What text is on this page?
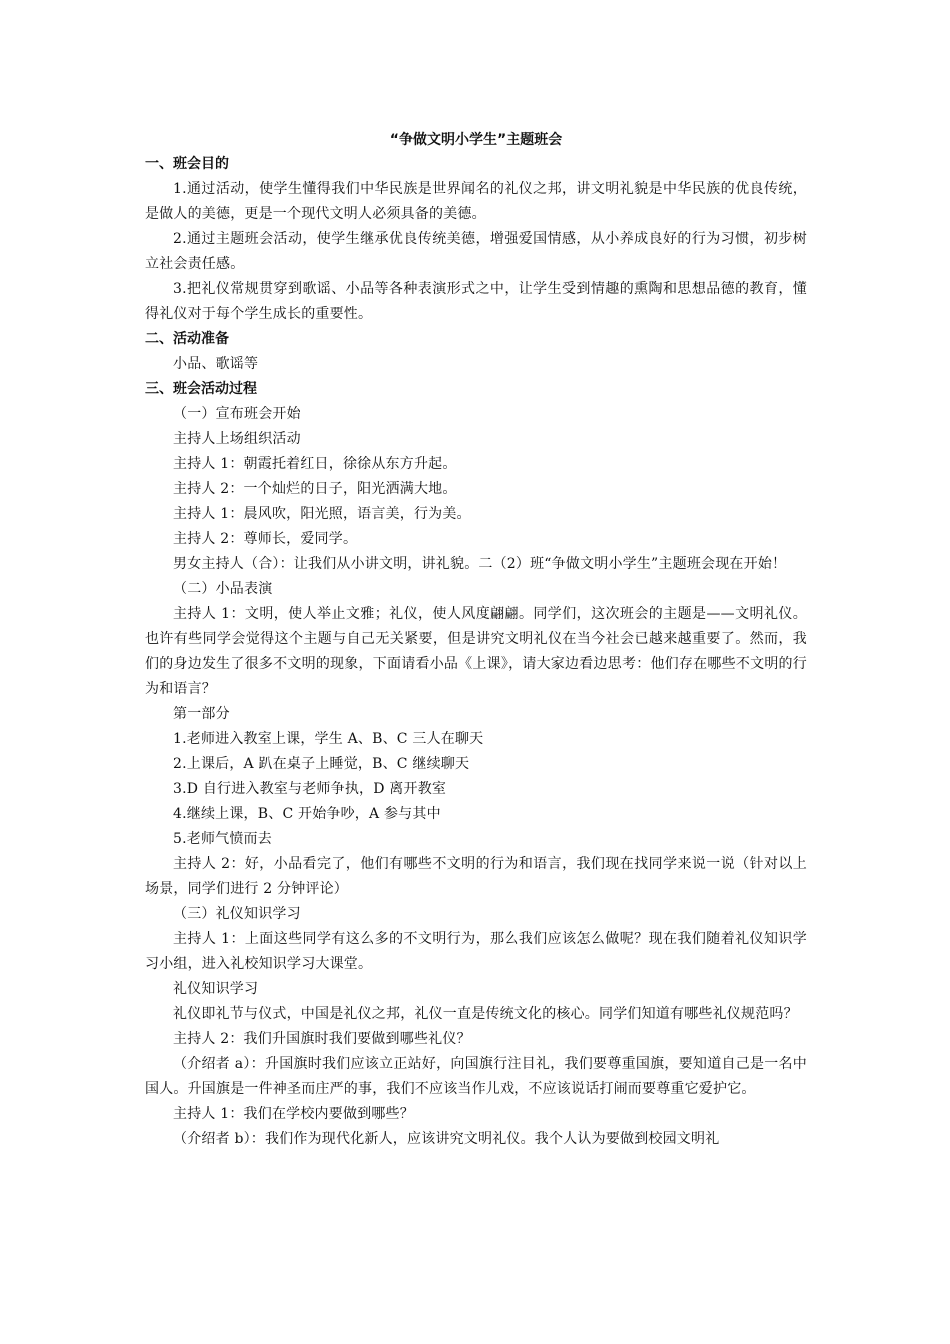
“争做文明小学生”主题班会
一、班会目的

1.通过活动，使学生懂得我们中华民族是世界闻名的礼仪之邦，讲文明礼貌是中华民族的优良传统，是做人的美德，更是一个现代文明人必须具备的美德。

2.通过主题班会活动，使学生继承优良传统美德，增强爱国情感，从小养成良好的行为习惯，初步树立社会责任感。

3.把礼仪常规贯穿到歌谣、小品等各种表演形式之中，让学生受到情趣的熏陶和思想品德的教育，懂得礼仪对于每个学生成长的重要性。

二、活动准备

小品、歌谣等

三、班会活动过程

（一）宣布班会开始

主持人上场组织活动

主持人 1：朝霞托着红日，徐徐从东方升起。

主持人 2：一个灿烂的日子，阳光洒满大地。

主持人 1：晨风吹，阳光照，语言美，行为美。

主持人 2：尊师长，爱同学。

男女主持人（合）：让我们从小讲文明，讲礼貌。二（2）班“争做文明小学生”主题班会现在开始！

（二）小品表演

主持人 1：文明，使人举止文雅；礼仪，使人风度翩翩。同学们，这次班会的主题是——文明礼仪。也许有些同学会觉得这个主题与自己无关紧要，但是讲究文明礼仪在当今社会已越来越重要了。然而，我们的身边发生了很多不文明的现象，下面请看小品《上课》，请大家边看边思考：他们存在哪些不文明的行为和语言？

第一部分

1.老师进入教室上课，学生 A、B、C 三人在聊天

2.上课后，A 趴在桌子上睡觉，B、C 继续聊天

3.D 自行进入教室与老师争执，D 离开教室

4.继续上课，B、C 开始争吵，A 参与其中

5.老师气愤而去

主持人 2：好，小品看完了，他们有哪些不文明的行为和语言，我们现在找同学来说一说（针对以上场景，同学们进行 2 分钟评论）

（三）礼仪知识学习

主持人 1：上面这些同学有这么多的不文明行为，那么我们应该怎么做呢？现在我们随着礼仪知识学习小组，进入礼校知识学习大课堂。

礼仪知识学习

礼仪即礼节与仪式，中国是礼仪之邦，礼仪一直是传统文化的核心。同学们知道有哪些礼仪规范吗？

主持人 2：我们升国旗时我们要做到哪些礼仪？

（介绍者 a）：升国旗时我们应该立正站好，向国旗行注目礼，我们要尊重国旗，要知道自己是一名中国人。升国旗是一件神圣而庄严的事，我们不应该当作儿戏，不应该说话打闹而要尊重它爱护它。

主持人 1：我们在学校内要做到哪些？

（介绍者 b）：我们作为现代化新人，应该讲究文明礼仪。我个人认为要做到校园文明礼
